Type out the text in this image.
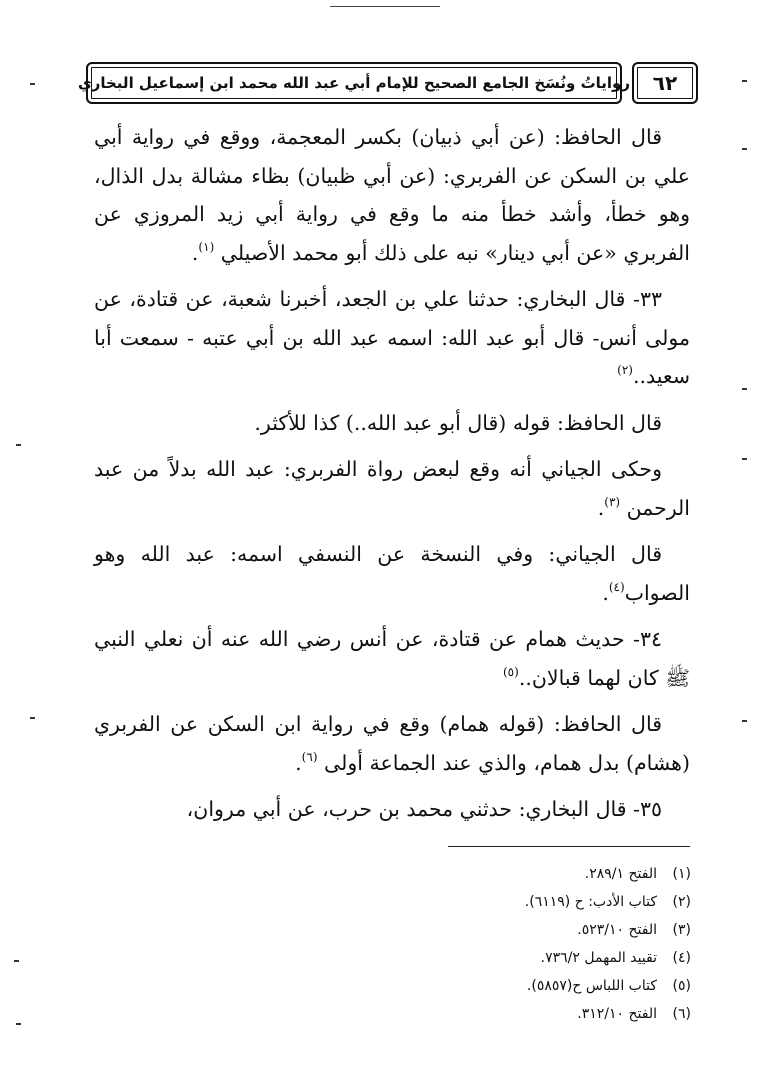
رواياتُ ونُسَخ الجامع الصحيح للإمام أبي عبد الله محمد ابن إسماعيل البخاري ٦٢

قال الحافظ: (عن أبي ذبيان) بكسر المعجمة، ووقع في رواية أبي علي بن السكن عن الفربري: (عن أبي ظبيان) بظاء مشالة بدل الذال، وهو خطأ، وأشد خطأ منه ما وقع في رواية أبي زيد المروزي عن الفربري «عن أبي دينار» نبه على ذلك أبو محمد الأصيلي $^{(١)}$.

٣٣- قال البخاري: حدثنا علي بن الجعد، أخبرنا شعبة، عن قتادة، عن مولى أنس- قال أبو عبد الله: اسمه عبد الله بن أبي عتبه - سمعت أبا سعيد..$^{(٢)}$

قال الحافظ: قوله (قال أبو عبد الله..) كذا للأكثر.

وحكى الجياني أنه وقع لبعض رواة الفربري: عبد الله بدلاً من عبد الرحمن $^{(٣)}$.

قال الجياني: وفي النسخة عن النسفي اسمه: عبد الله وهو الصواب$^{(٤)}$.

٣٤- حديث همام عن قتادة، عن أنس رضي الله عنه أن نعلي النبي ﷺ كان لهما قبالان..$^{(٥)}$

قال الحافظ: (قوله همام) وقع في رواية ابن السكن عن الفربري (هشام) بدل همام، والذي عند الجماعة أولى $^{(٦)}$.

٣٥- قال البخاري: حدثني محمد بن حرب، عن أبي مروان،

(١)الفتح ٢٨٩/١.
(٢)كتاب الأدب: ح (٦١١٩).
(٣)الفتح ٥٢٣/١٠.
(٤)تقييد المهمل ٧٣٦/٢.
(٥)كتاب اللباس ح(٥٨٥٧).
(٦)الفتح ٣١٢/١٠.
